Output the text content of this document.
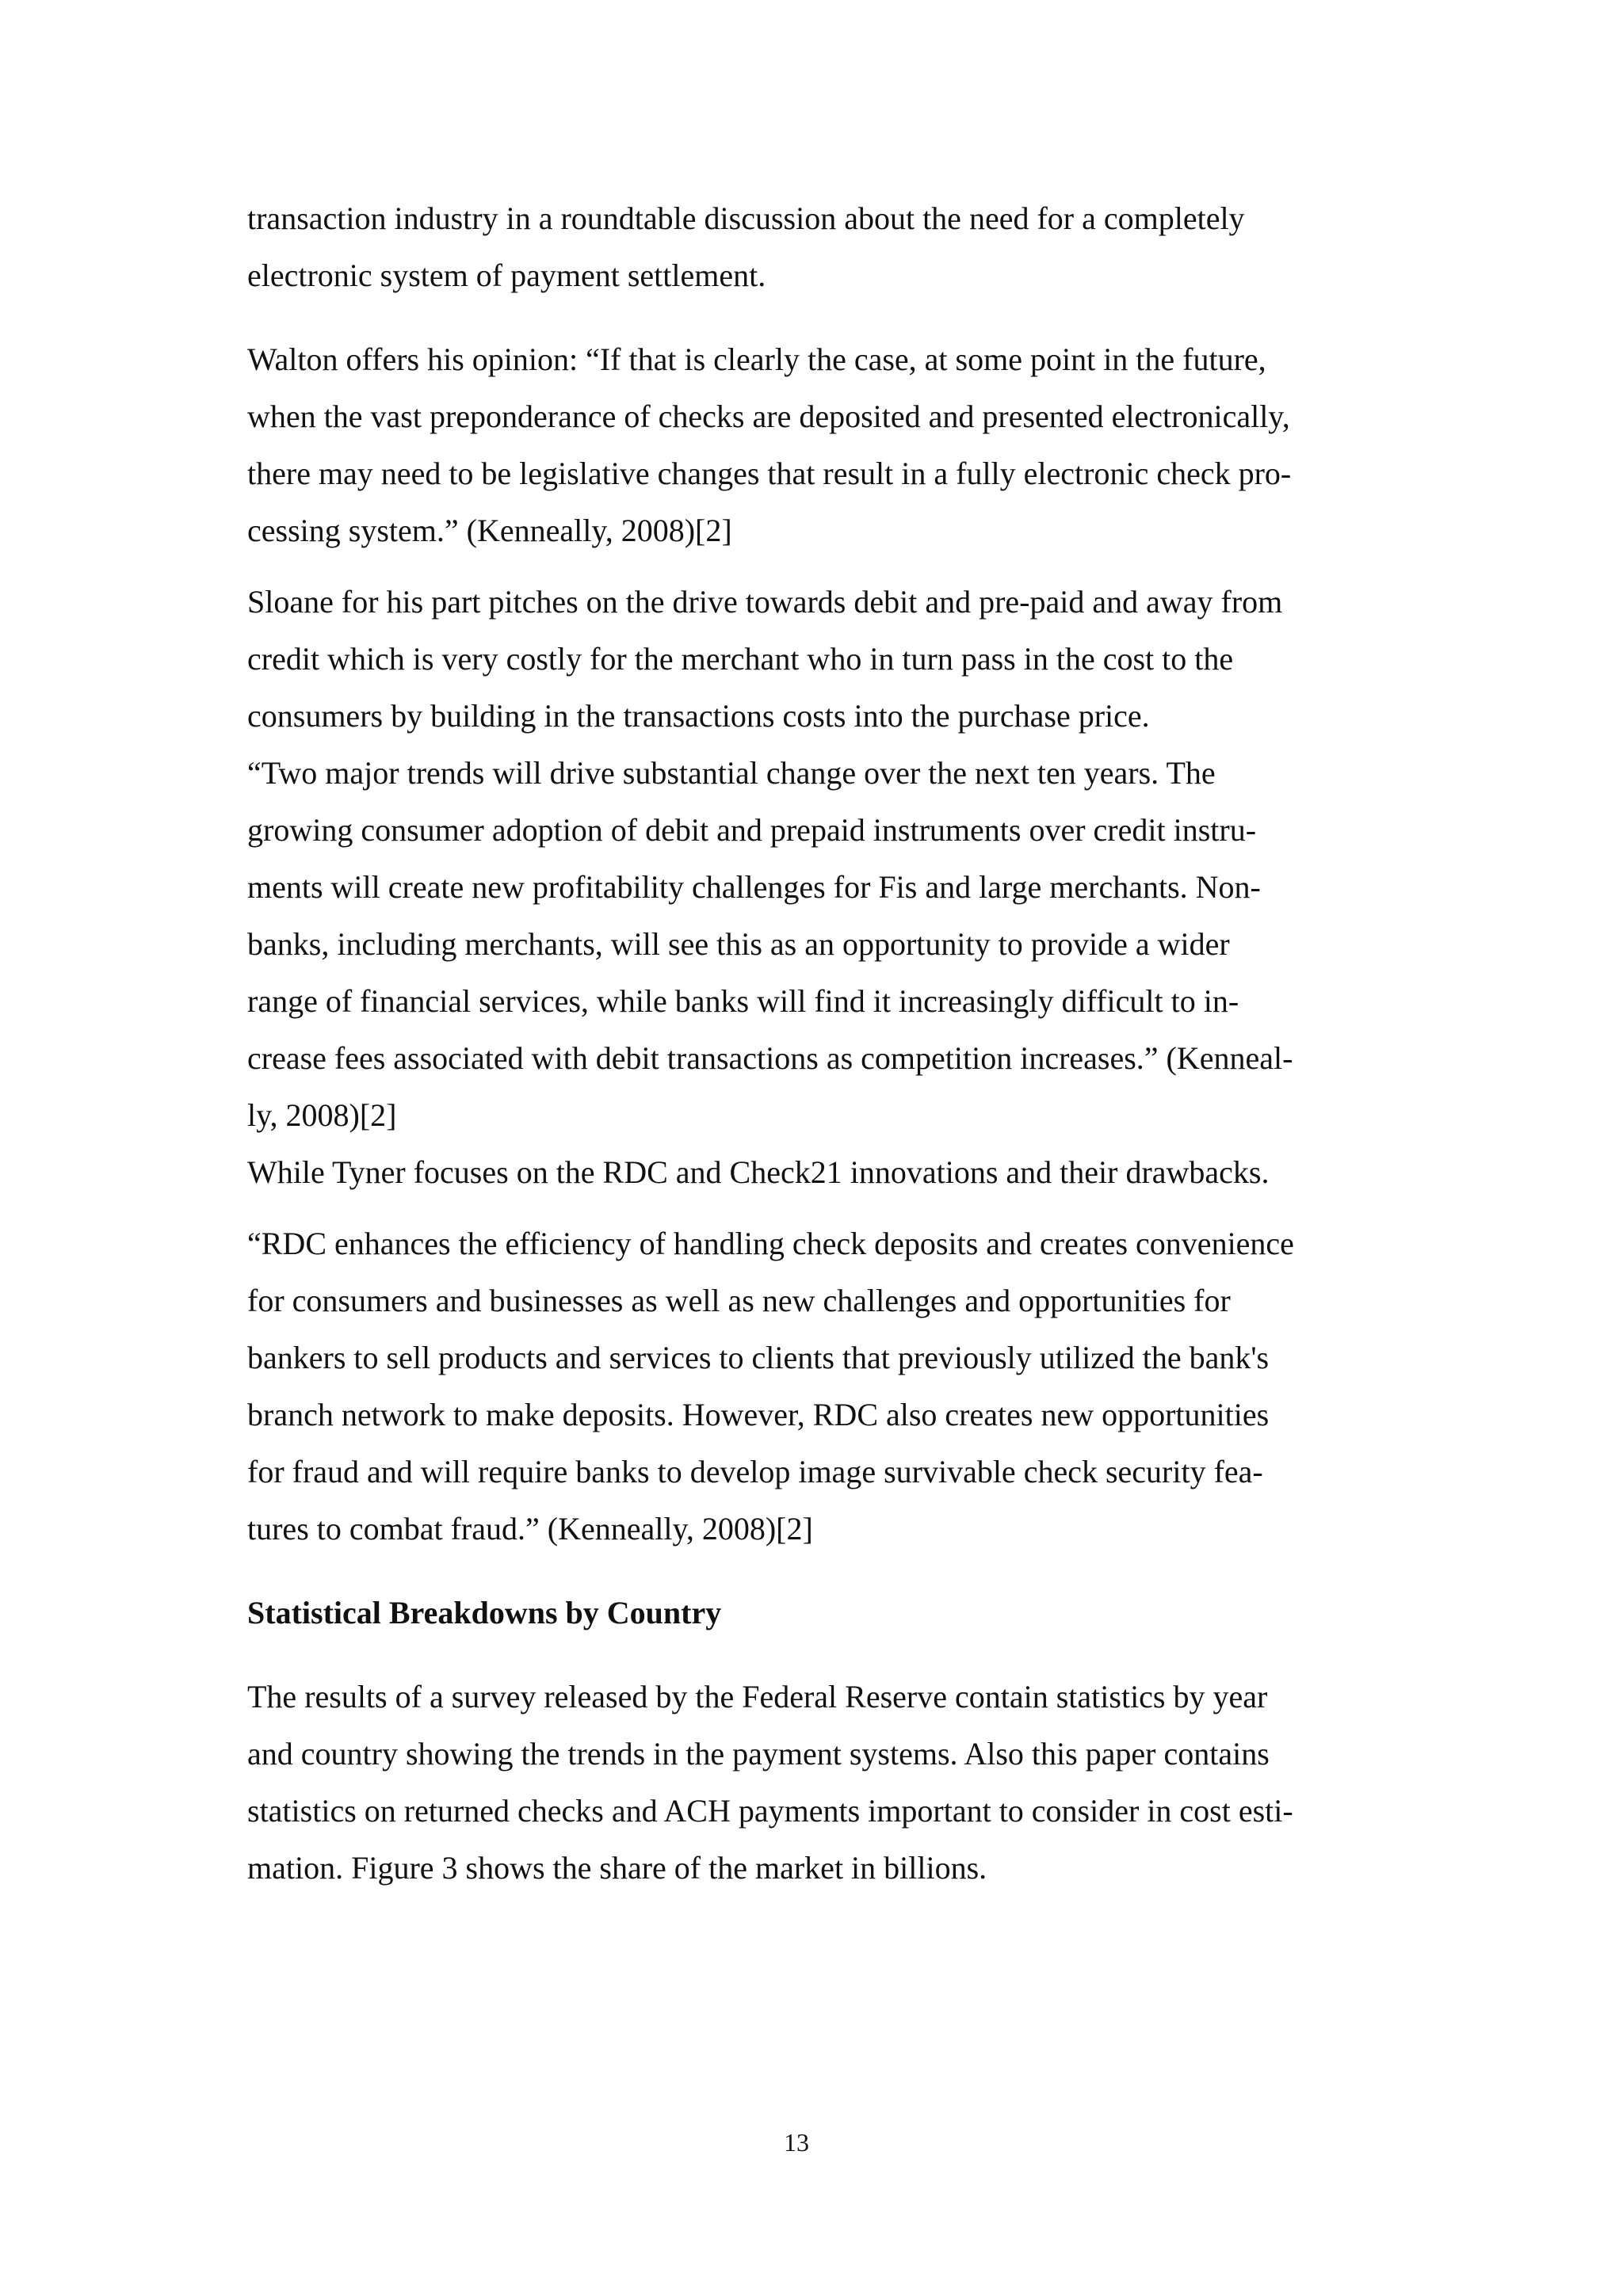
transaction industry in a roundtable discussion about the need for a completely
electronic system of payment settlement.
Walton offers his opinion: “If that is clearly the case, at some point in the future,
when the vast preponderance of checks are deposited and presented electronically,
there may need to be legislative changes that result in a fully electronic check pro-
cessing system.” (Kenneally, 2008)[2]
Sloane for his part pitches on the drive towards debit and pre-paid and away from
credit which is very costly for the merchant who in turn pass in the cost to the
consumers by building in the transactions costs into the purchase price.
“Two major trends will drive substantial change over the next ten years. The
growing consumer adoption of debit and prepaid instruments over credit instru-
ments will create new profitability challenges for Fis and large merchants. Non-
banks, including merchants, will see this as an opportunity to provide a wider
range of financial services, while banks will find it increasingly difficult to in-
crease fees associated with debit transactions as competition increases.” (Kenneal-
ly, 2008)[2]
While Tyner focuses on the RDC and Check21 innovations and their drawbacks.
“RDC enhances the efficiency of handling check deposits and creates convenience
for consumers and businesses as well as new challenges and opportunities for
bankers to sell products and services to clients that previously utilized the bank's
branch network to make deposits. However, RDC also creates new opportunities
for fraud and will require banks to develop image survivable check security fea-
tures to combat fraud.” (Kenneally, 2008)[2]
Statistical Breakdowns by Country
The results of a survey released by the Federal Reserve contain statistics by year
and country showing the trends in the payment systems. Also this paper contains
statistics on returned checks and ACH payments important to consider in cost esti-
mation. Figure 3 shows the share of the market in billions.
13
